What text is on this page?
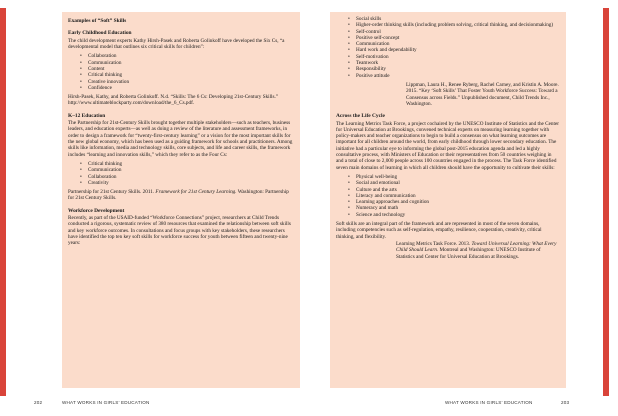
Examples of “Soft” Skills
Early Childhood Education

The child development experts Kathy Hirsh-Pasek and Roberta Golinkoff have developed the Six Cs, “a developmental model that outlines six critical skills for children”:

• Collaboration
• Communication
• Content
• Critical thinking
• Creative innovation
• Confidence

Hirsh-Pasek, Kathy, and Roberta Golinkoff. N.d. “Skills: The 6 Cs: Developing 21st-Century Skills.” http://www.ultimateblockparty.com/download/the_6_Cs.pdf.

K–12 Education

The Partnership for 21st-Century Skills brought together multiple stakeholders—such as teachers, business leaders, and education experts—as well as doing a review of the literature and assessment frameworks, in order to design a framework for “twenty-first-century learning” or a vision for the most important skills for the new global economy, which has been used as a guiding framework for schools and practitioners. Among skills like information, media and technology skills, core subjects, and life and career skills, the framework includes “learning and innovation skills,” which they refer to as the Four Cs:

• Critical thinking
• Communication
• Collaboration
• Creativity

Partnership for 21st Century Skills. 2011. Framework for 21st Century Learning. Washington: Partnership for 21st Century Skills.

Workforce Development

Recently, as part of the USAID-funded “Workforce Connections” project, researchers at Child Trends conducted a rigorous, systematic review of 380 resources that examined the relationship between soft skills and key workforce outcomes. In consultations and focus groups with key stakeholders, these researchers have identified the top ten key soft skills for workforce success for youth between fifteen and twenty-nine years:

202	WHAT WORKS IN GIRLS’ EDUCATION
• Social skills
• Higher-order thinking skills (including problem solving, critical thinking, and decisionmaking)
• Self-control
• Positive self-concept
• Communication
• Hard work and dependability
• Self-motivation
• Teamwork
• Responsibility
• Positive attitude

Lippman, Laura H., Renee Ryberg, Rachel Carney, and Kristin A. Moore. 2015. “Key ‘Soft Skills’ That Foster Youth Workforce Success: Toward a Consensus across Fields.” Unpublished document, Child Trends Inc., Washington.

Across the Life Cycle

The Learning Metrics Task Force, a project cochaired by the UNESCO Institute of Statistics and the Center for Universal Education at Brookings, convened technical experts on measuring learning together with policy-makers and teacher organizations to begin to build a consensus on what learning outcomes are important for all children around the world, from early childhood through lower secondary education. The initiative had a particular eye to informing the global post-2015 education agenda and led a highly consultative process, with Ministers of Education or their representatives from 50 countries weighing in and a total of close to 2,000 people across 100 countries engaged in the process. The Task Force identified seven main domains of learning in which all children should have the opportunity to cultivate their skills:

• Physical well-being
• Social and emotional
• Culture and the arts
• Literacy and communication
• Learning approaches and cognition
• Numeracy and math
• Science and technology

Soft skills are an integral part of the framework and are represented in most of the seven domains, including competencies such as self-regulation, empathy, resilience, cooperation, creativity, critical thinking, and flexibility.

Learning Metrics Task Force. 2013. Toward Universal Learning: What Every Child Should Learn. Montreal and Washington: UNESCO Institute of Statistics and Center for Universal Education at Brookings.

WHAT WORKS IN GIRLS’ EDUCATION	203
